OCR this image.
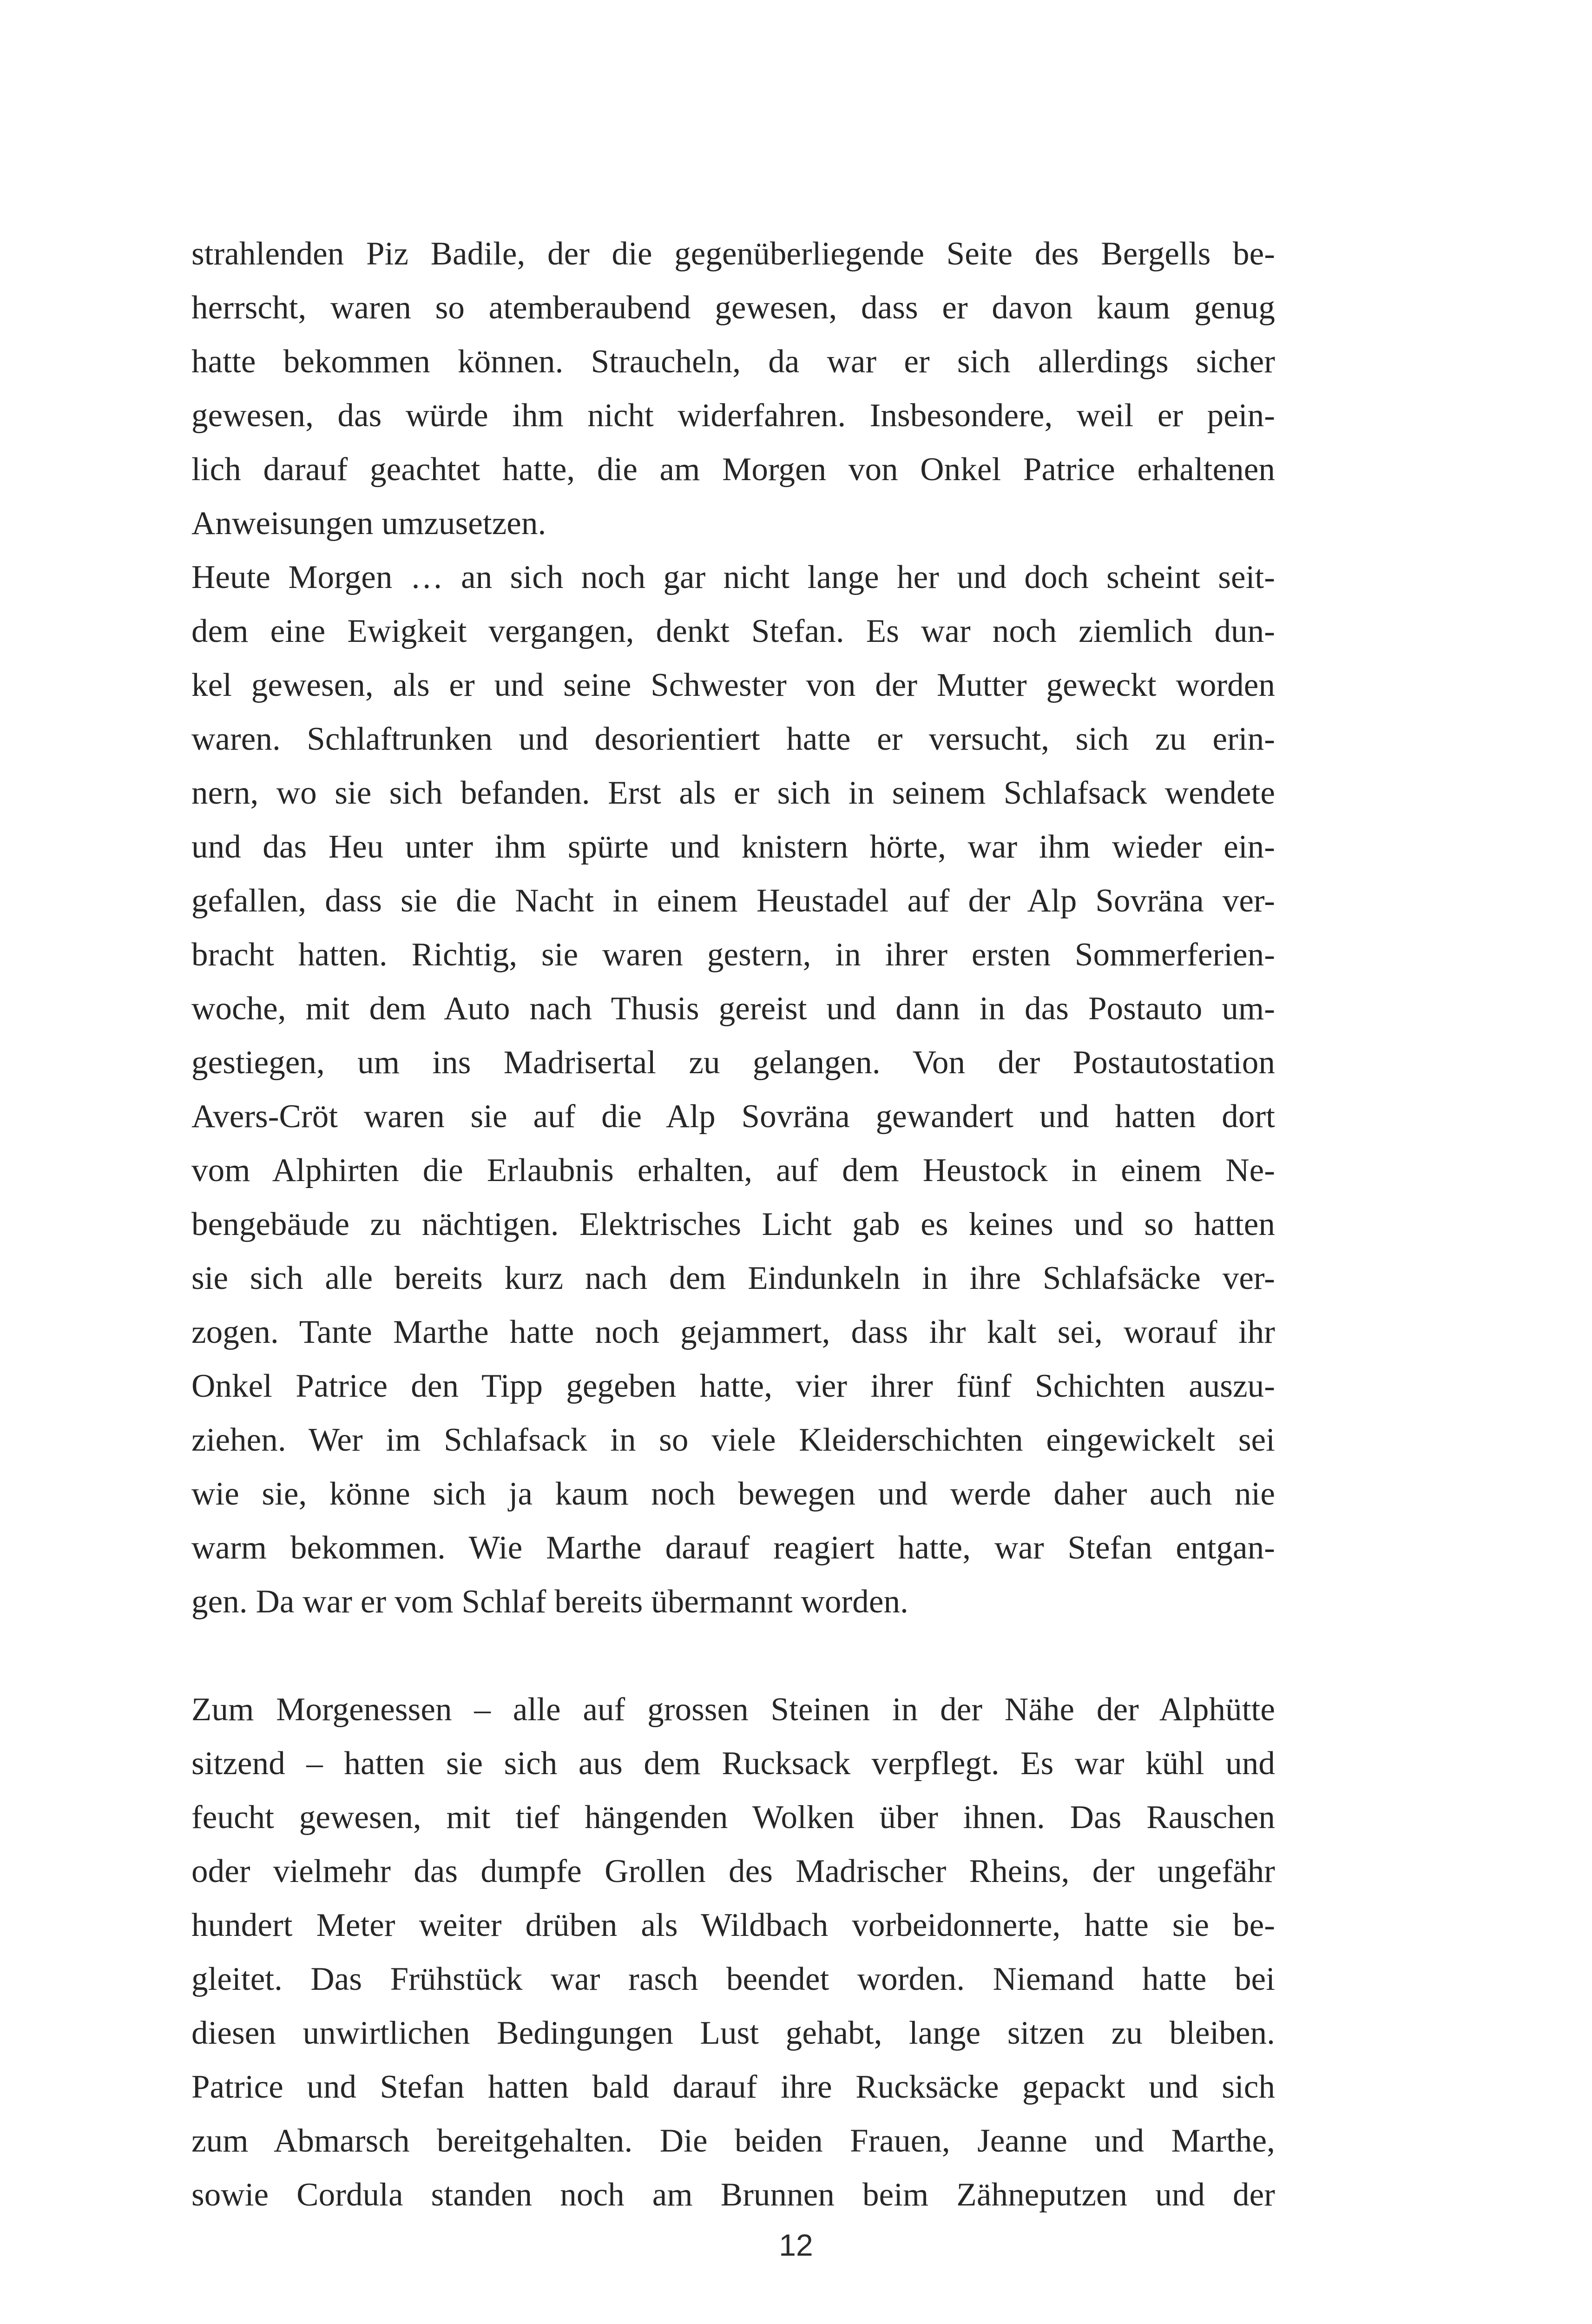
strahlenden Piz Badile, der die gegenüberliegende Seite des Bergells be-
herrscht, waren so atemberaubend gewesen, dass er davon kaum genug
hatte bekommen können. Straucheln, da war er sich allerdings sicher
gewesen, das würde ihm nicht widerfahren. Insbesondere, weil er pein-
lich darauf geachtet hatte, die am Morgen von Onkel Patrice erhaltenen
Anweisungen umzusetzen.
Heute Morgen … an sich noch gar nicht lange her und doch scheint seit-
dem eine Ewigkeit vergangen, denkt Stefan. Es war noch ziemlich dun-
kel gewesen, als er und seine Schwester von der Mutter geweckt worden
waren. Schlaftrunken und desorientiert hatte er versucht, sich zu erin-
nern, wo sie sich befanden. Erst als er sich in seinem Schlafsack wendete
und das Heu unter ihm spürte und knistern hörte, war ihm wieder ein-
gefallen, dass sie die Nacht in einem Heustadel auf der Alp Sovräna ver-
bracht hatten. Richtig, sie waren gestern, in ihrer ersten Sommerferien-
woche, mit dem Auto nach Thusis gereist und dann in das Postauto um-
gestiegen, um ins Madrisertal zu gelangen. Von der Postautostation
Avers-Cröt waren sie auf die Alp Sovräna gewandert und hatten dort
vom Alphirten die Erlaubnis erhalten, auf dem Heustock in einem Ne-
bengebäude zu nächtigen. Elektrisches Licht gab es keines und so hatten
sie sich alle bereits kurz nach dem Eindunkeln in ihre Schlafsäcke ver-
zogen. Tante Marthe hatte noch gejammert, dass ihr kalt sei, worauf ihr
Onkel Patrice den Tipp gegeben hatte, vier ihrer fünf Schichten auszu-
ziehen. Wer im Schlafsack in so viele Kleiderschichten eingewickelt sei
wie sie, könne sich ja kaum noch bewegen und werde daher auch nie
warm bekommen. Wie Marthe darauf reagiert hatte, war Stefan entgan-
gen. Da war er vom Schlaf bereits übermannt worden.
Zum Morgenessen – alle auf grossen Steinen in der Nähe der Alphütte
sitzend – hatten sie sich aus dem Rucksack verpflegt. Es war kühl und
feucht gewesen, mit tief hängenden Wolken über ihnen. Das Rauschen
oder vielmehr das dumpfe Grollen des Madrischer Rheins, der ungefähr
hundert Meter weiter drüben als Wildbach vorbeidonnerte, hatte sie be-
gleitet. Das Frühstück war rasch beendet worden. Niemand hatte bei
diesen unwirtlichen Bedingungen Lust gehabt, lange sitzen zu bleiben.
Patrice und Stefan hatten bald darauf ihre Rucksäcke gepackt und sich
zum Abmarsch bereitgehalten. Die beiden Frauen, Jeanne und Marthe,
sowie Cordula standen noch am Brunnen beim Zähneputzen und der
12
